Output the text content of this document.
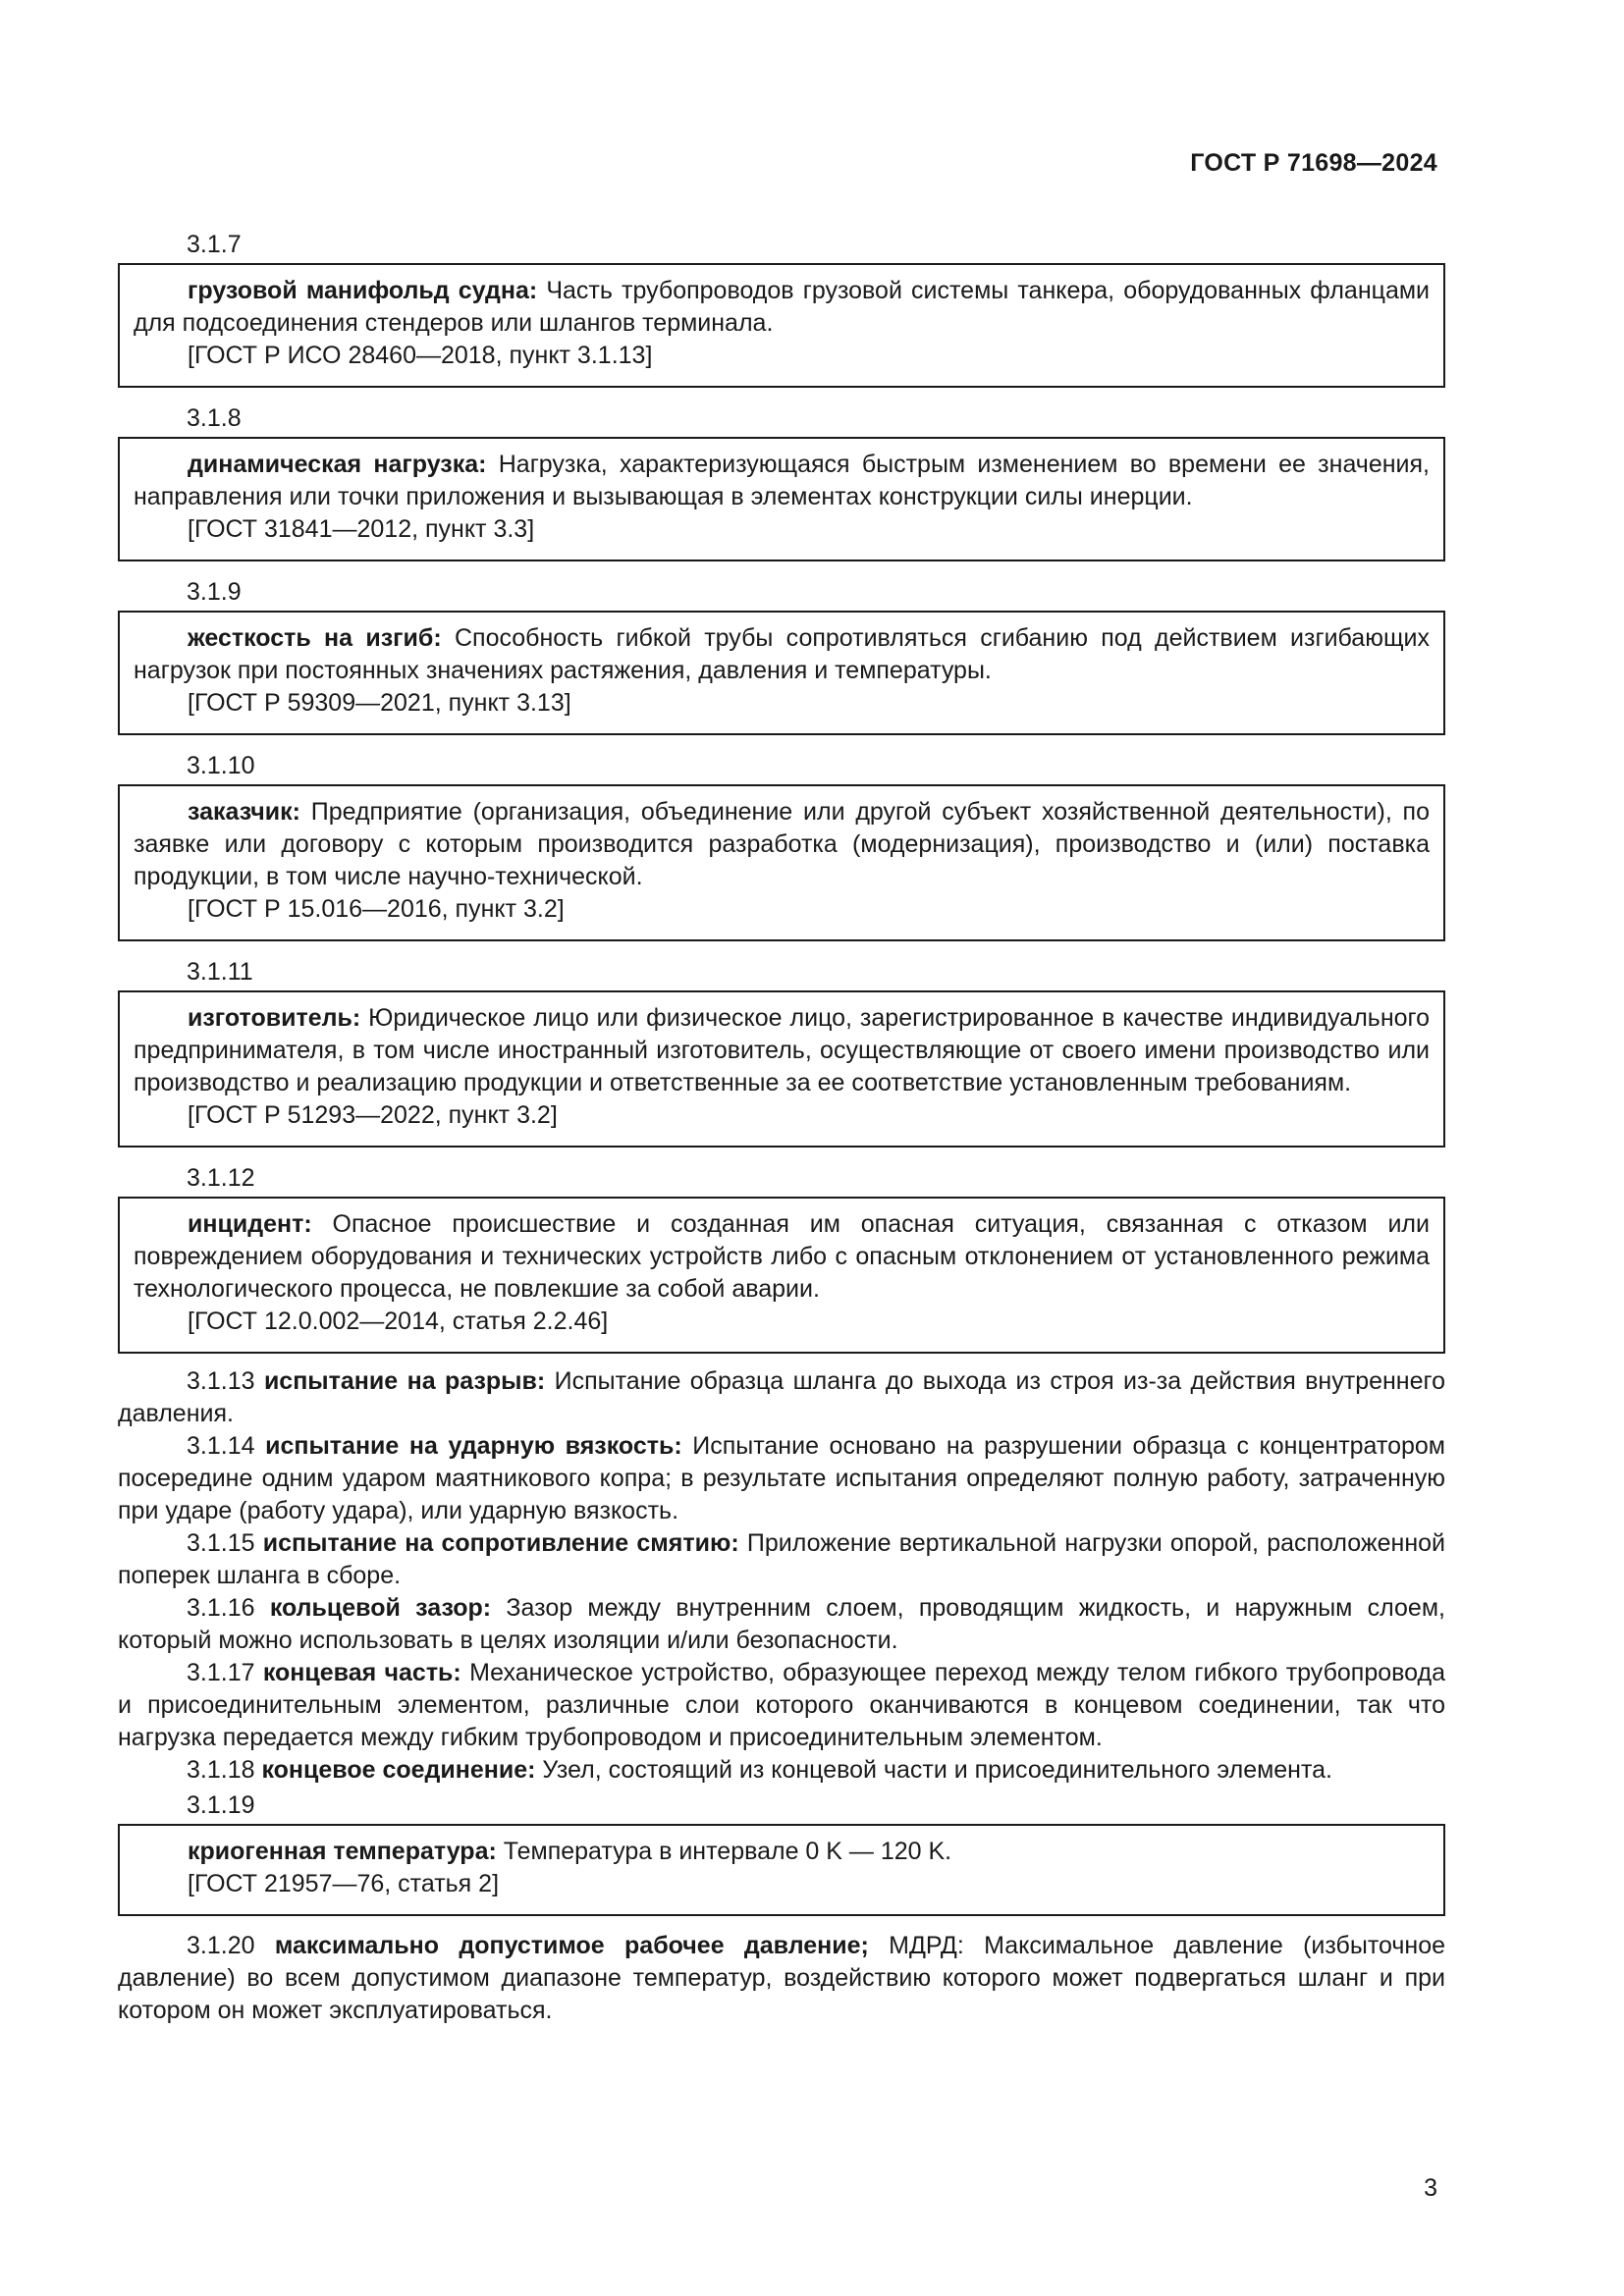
ГОСТ Р 71698—2024
3.1.7

грузовой манифольд судна: Часть трубопроводов грузовой системы танкера, оборудованных фланцами для подсоединения стендеров или шлангов терминала.

[ГОСТ Р ИСО 28460—2018, пункт 3.1.13]

3.1.8

динамическая нагрузка: Нагрузка, характеризующаяся быстрым изменением во времени ее значения, направления или точки приложения и вызывающая в элементах конструкции силы инерции.

[ГОСТ 31841—2012, пункт 3.3]

3.1.9

жесткость на изгиб: Способность гибкой трубы сопротивляться сгибанию под действием изгибающих нагрузок при постоянных значениях растяжения, давления и температуры.

[ГОСТ Р 59309—2021, пункт 3.13]

3.1.10

заказчик: Предприятие (организация, объединение или другой субъект хозяйственной деятельности), по заявке или договору с которым производится разработка (модернизация), производство и (или) поставка продукции, в том числе научно-технической.

[ГОСТ Р 15.016—2016, пункт 3.2]

3.1.11

изготовитель: Юридическое лицо или физическое лицо, зарегистрированное в качестве индивидуального предпринимателя, в том числе иностранный изготовитель, осуществляющие от своего имени производство или производство и реализацию продукции и ответственные за ее соответствие установленным требованиям.

[ГОСТ Р 51293—2022, пункт 3.2]

3.1.12

инцидент: Опасное происшествие и созданная им опасная ситуация, связанная с отказом или повреждением оборудования и технических устройств либо с опасным отклонением от установленного режима технологического процесса, не повлекшие за собой аварии.

[ГОСТ 12.0.002—2014, статья 2.2.46]

3.1.13 испытание на разрыв: Испытание образца шланга до выхода из строя из-за действия внутреннего давления.

3.1.14 испытание на ударную вязкость: Испытание основано на разрушении образца с концентратором посередине одним ударом маятникового копра; в результате испытания определяют полную работу, затраченную при ударе (работу удара), или ударную вязкость.

3.1.15 испытание на сопротивление смятию: Приложение вертикальной нагрузки опорой, расположенной поперек шланга в сборе.

3.1.16 кольцевой зазор: Зазор между внутренним слоем, проводящим жидкость, и наружным слоем, который можно использовать в целях изоляции и/или безопасности.

3.1.17 концевая часть: Механическое устройство, образующее переход между телом гибкого трубопровода и присоединительным элементом, различные слои которого оканчиваются в концевом соединении, так что нагрузка передается между гибким трубопроводом и присоединительным элементом.

3.1.18 концевое соединение: Узел, состоящий из концевой части и присоединительного элемента.

3.1.19

криогенная температура: Температура в интервале 0 K — 120 K.

[ГОСТ 21957—76, статья 2]

3.1.20 максимально допустимое рабочее давление; МДРД: Максимальное давление (избыточное давление) во всем допустимом диапазоне температур, воздействию которого может подвергаться шланг и при котором он может эксплуатироваться.

3
